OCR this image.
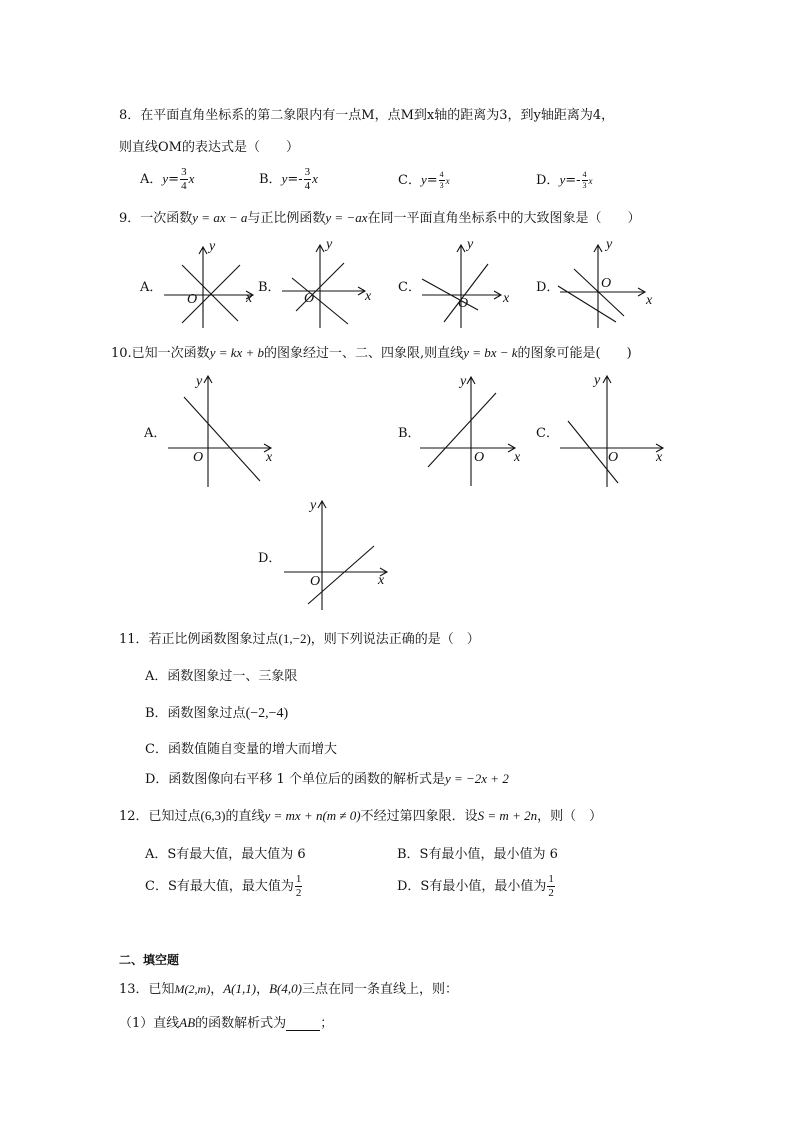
8．在平面直角坐标系的第二象限内有一点M，点M到x轴的距离为3，到y轴距离为4，
则直线OM的表达式是（　　）
A．$y= \frac{3}{4}$ x	B．$y=- \frac{3}{4}$ x	C．$y= \frac{4}{3}$ x	D．$y=- \frac{4}{3}$ x
9．一次函数y = ax − a与正比例函数y = −ax在同一平面直角坐标系中的大致图象是（　　）
A．
y
x
O
B．
y
x
O
C．
y
x
O
D．
y
x
O
10.已知一次函数y = kx + b的图象经过一、二、四象限,则直线y = bx − k的图象可能是(　　)
A．
y
x
O
B．
y
x
O
C．
y
x
O
D．
y
x
O
11．若正比例函数图象过点(1,−2)，则下列说法正确的是（　）
A．函数图象过一、三象限
B．函数图象过点(−2,−4)
C．函数值随自变量的增大而增大
D．函数图像向右平移 1 个单位后的函数的解析式是y = −2x + 2
12．已知过点(6,3)的直线y = mx + n(m ≠ 0)不经过第四象限．设S = m + 2n，则（　）
A．S有最大值，最大值为 6	B．S有最小值，最小值为 6
C．S有最大值，最大值为 $\frac{1}{2}$	D．S有最小值，最小值为 $\frac{1}{2}$
二、填空题
13．已知M(2,m)，A(1,1)，B(4,0)三点在同一条直线上，则：
（1）直线AB的函数解析式为	；
